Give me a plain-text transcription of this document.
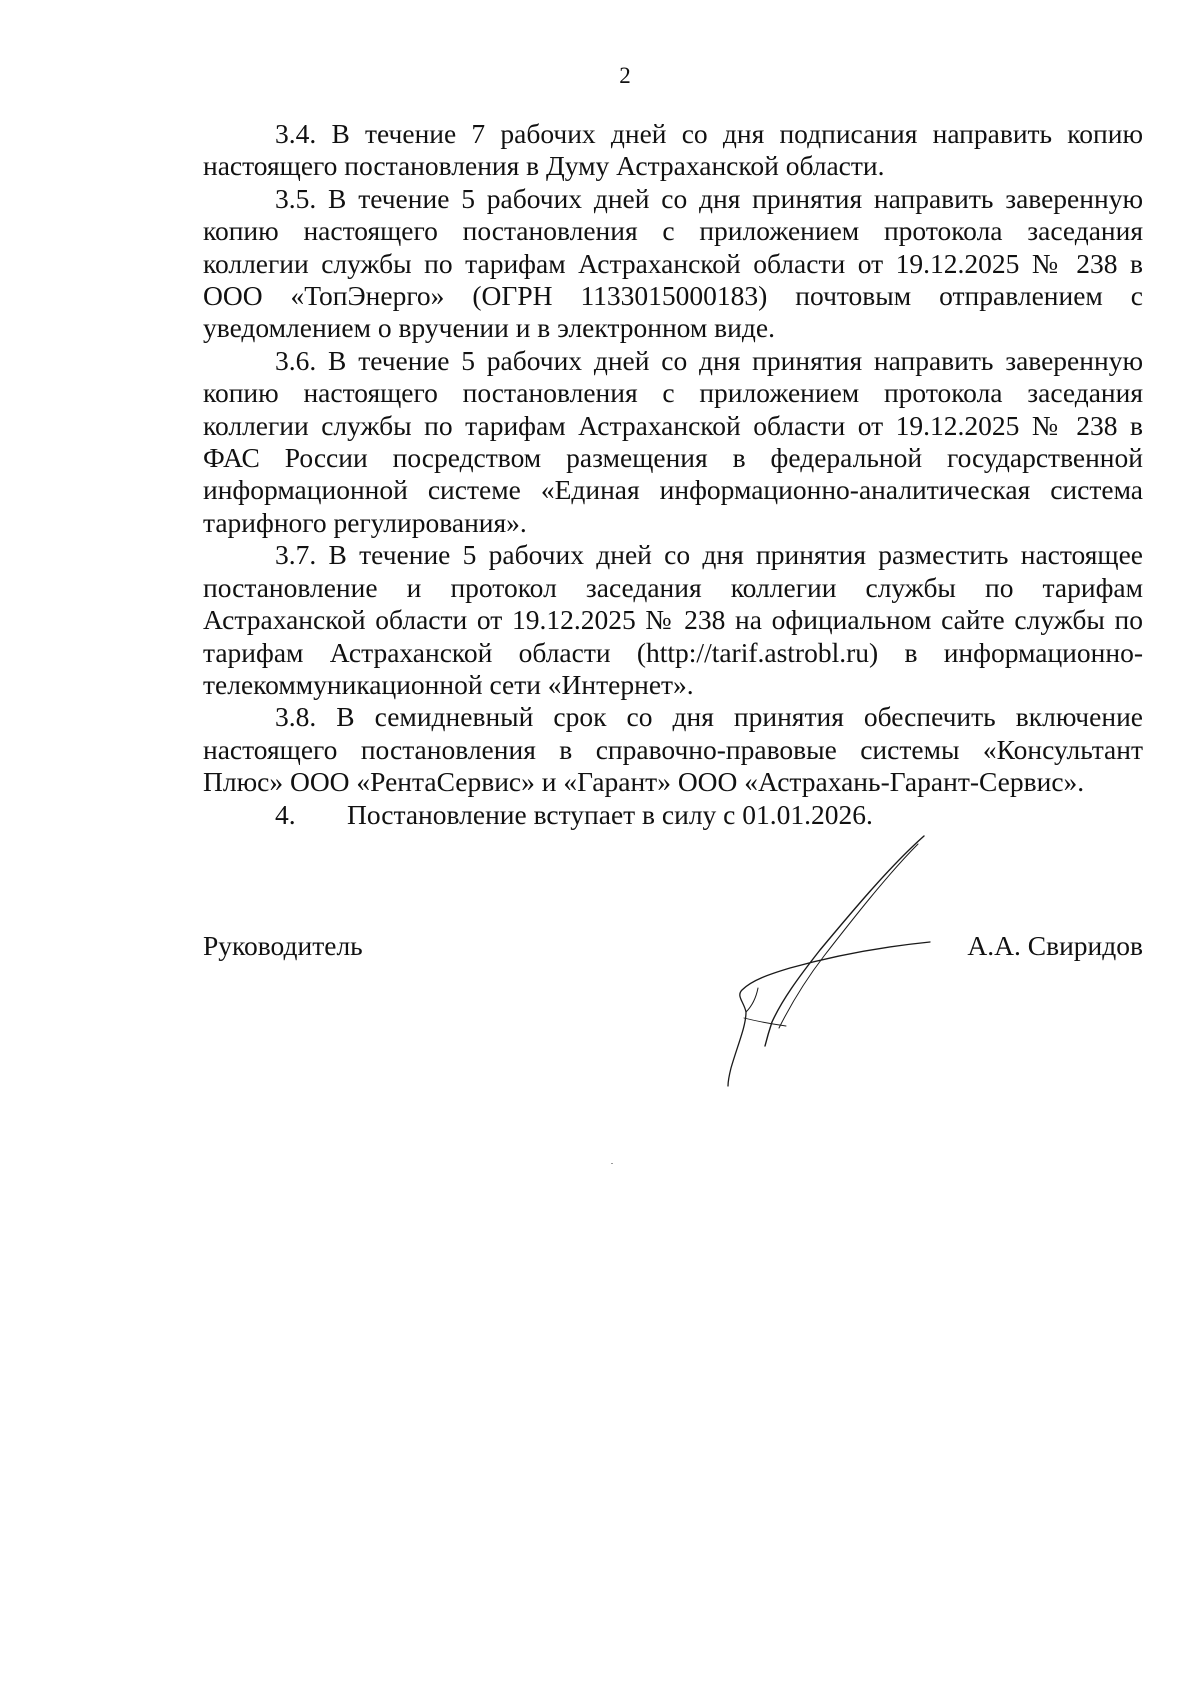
2

3.4. В течение 7 рабочих дней со дня подписания направить копию настоящего постановления в Думу Астраханской области.

3.5. В течение 5 рабочих дней со дня принятия направить заверенную копию настоящего постановления с приложением протокола заседания коллегии службы по тарифам Астраханской области от 19.12.2025 № 238 в ООО «ТопЭнерго» (ОГРН 1133015000183) почтовым отправлением с уведомлением о вручении и в электронном виде.

3.6. В течение 5 рабочих дней со дня принятия направить заверенную копию настоящего постановления с приложением протокола заседания коллегии службы по тарифам Астраханской области от 19.12.2025 № 238 в ФАС России посредством размещения в федеральной государственной информационной системе «Единая информационно-аналитическая система тарифного регулирования».

3.7. В течение 5 рабочих дней со дня принятия разместить настоящее постановление и протокол заседания коллегии службы по тарифам Астраханской области от 19.12.2025 № 238 на официальном сайте службы по тарифам Астраханской области (http://tarif.astrobl.ru) в информационно-телекоммуникационной сети «Интернет».

3.8. В семидневный срок со дня принятия обеспечить включение настоящего постановления в справочно-правовые системы «Консультант Плюс» ООО «РентаСервис» и «Гарант» ООО «Астрахань-Гарант-Сервис».

4. Постановление вступает в силу с 01.01.2026.

Руководитель	А.А. Свиридов
